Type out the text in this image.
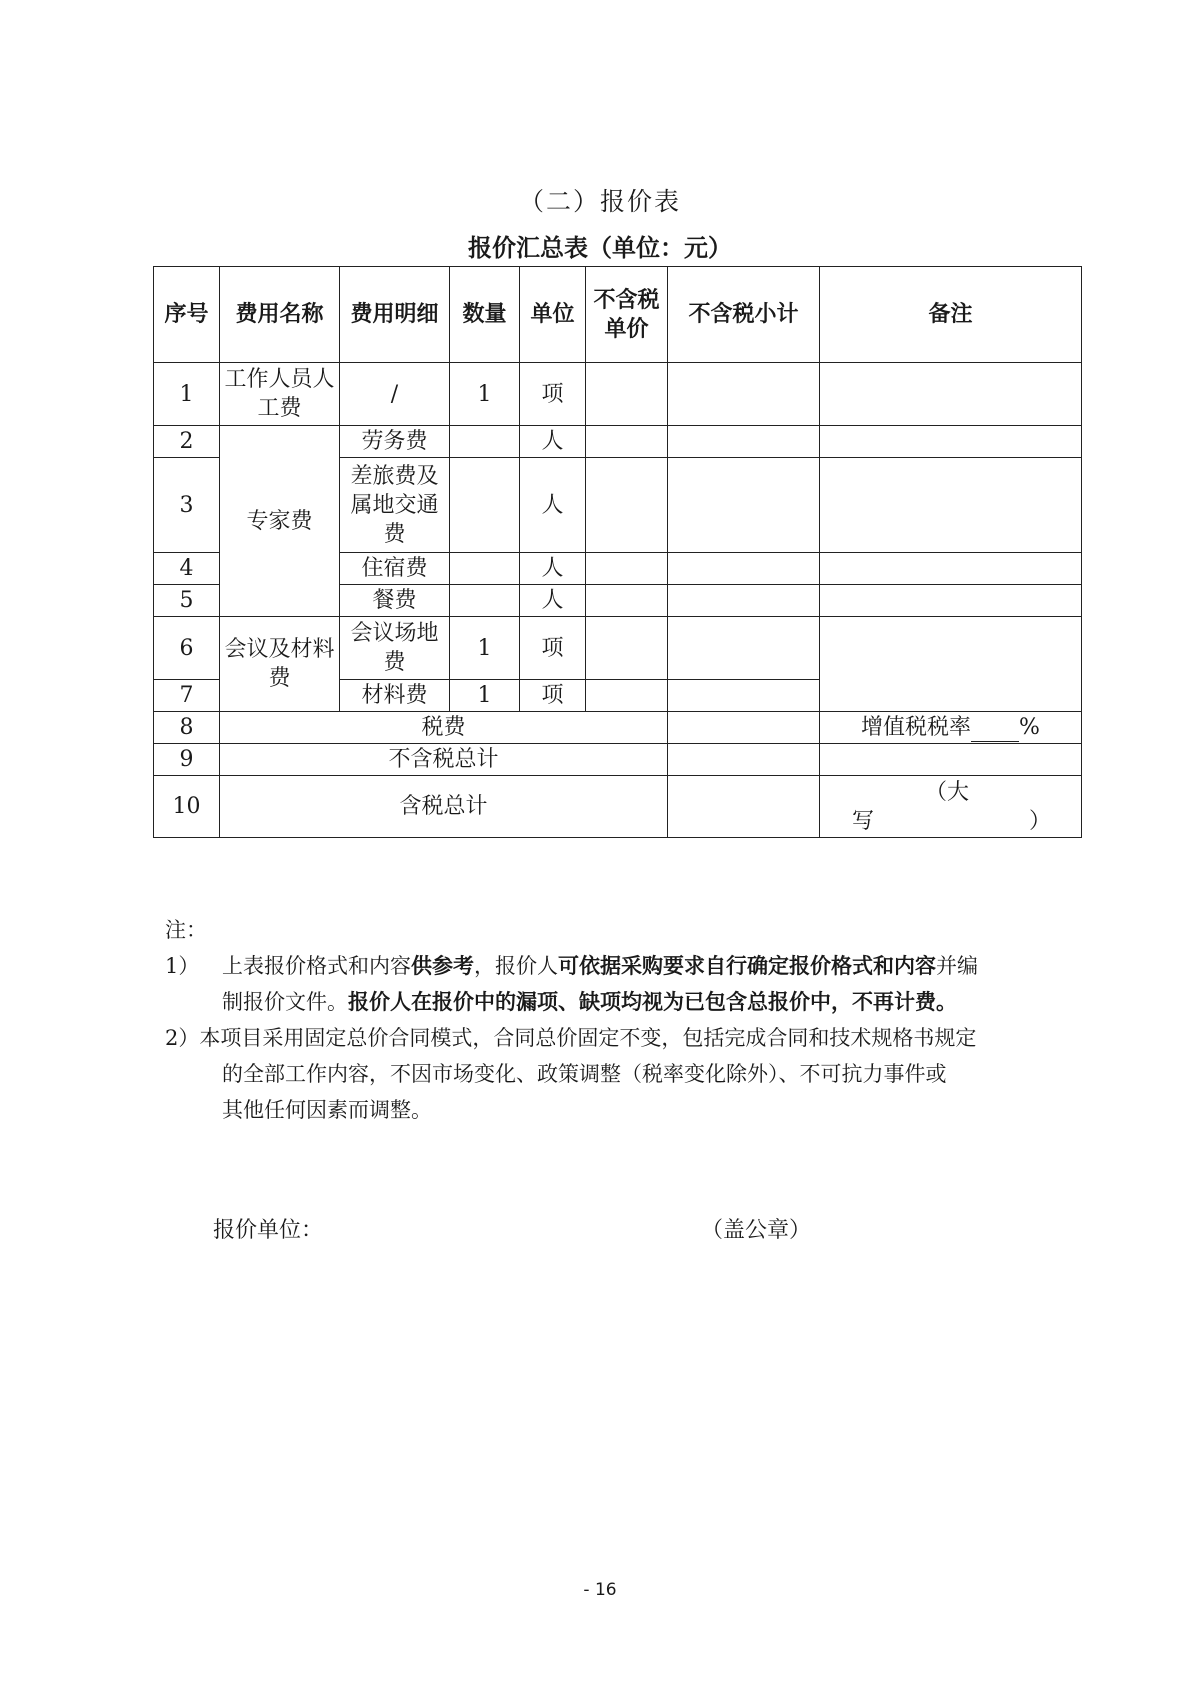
（二）报价表
报价汇总表（单位：元）
序号	费用名称	费用明细	数量	单位	不含税单价	不含税小计	备注
1	工作人员人工费	/	1	项			
2	专家费	劳务费		人			
3		差旅费及属地交通费		人			
4		住宿费		人			
5		餐费		人			
6	会议及材料费	会议场地费	1	项			
7		材料费	1	项			
8	税费						增值税税率 %
9	不含税总计						
10	含税总计						（大
写 ）
注：
1） 上表报价格式和内容供参考，报价人可依据采购要求自行确定报价格式和内容并编
制报价文件。报价人在报价中的漏项、缺项均视为已包含总报价中，不再计费。
2）本项目采用固定总价合同模式，合同总价固定不变，包括完成合同和技术规格书规定
的全部工作内容，不因市场变化、政策调整（税率变化除外）、不可抗力事件或
其他任何因素而调整。
报价单位：	（盖公章）
- 16
